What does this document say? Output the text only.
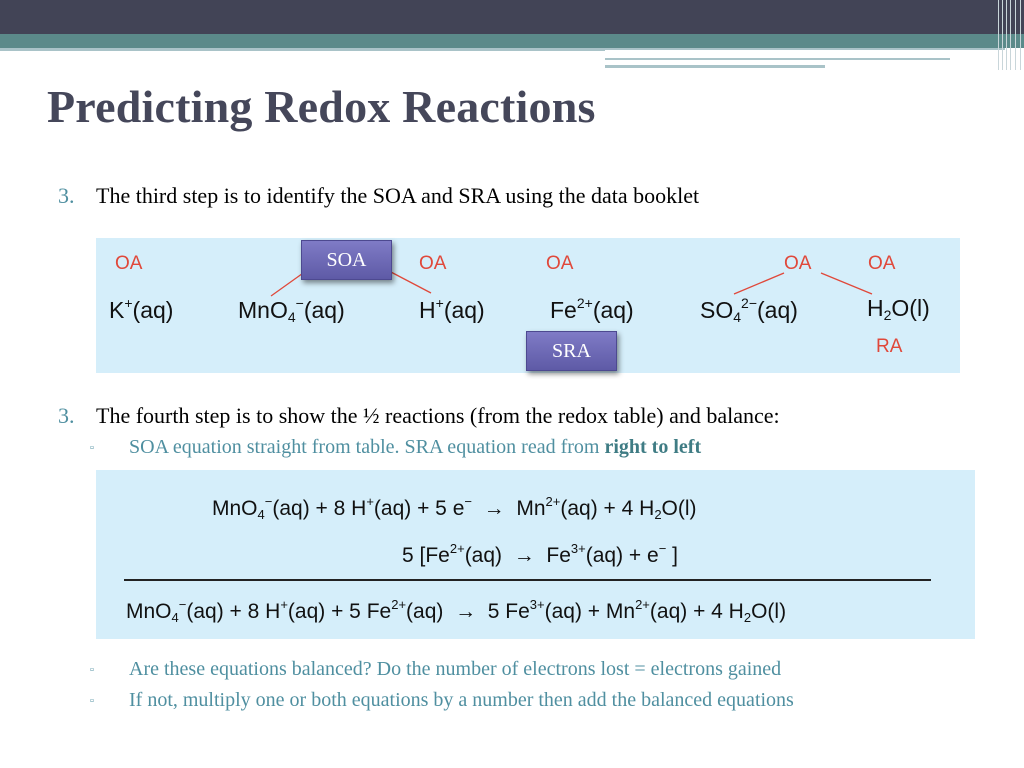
Predicting Redox Reactions
3. The third step is to identify the SOA and SRA using the data booklet
OA	OA	OA	OA	OA
RA
K+(aq)	MnO$_4$−(aq)	H+(aq)	$Fe^{2+}(aq)$	$SO_4^{2-}(aq)$	$H_2O(l)$
SOA
SRA
3. The fourth step is to show the ½ reactions (from the redox table) and balance:
▫ SOA equation straight from table. SRA equation read from right to left
MnO$_4$−(aq) + 8 H+(aq) + 5 $e^- \to Mn^{2+}(aq) + 4$ $H_2O(l)$
5 [$Fe^{2+}(aq) \to Fe^{3+}(aq) + e^-$ ]
MnO$_4$−(aq) + 8 H+(aq) + 5 $Fe^{2+}(aq) \to 5$ $Fe^{3+}(aq) + Mn^{2+}(aq) + 4$ $H_2O(l)$
▫ Are these equations balanced? Do the number of electrons lost = electrons gained
▫ If not, multiply one or both equations by a number then add the balanced equations
